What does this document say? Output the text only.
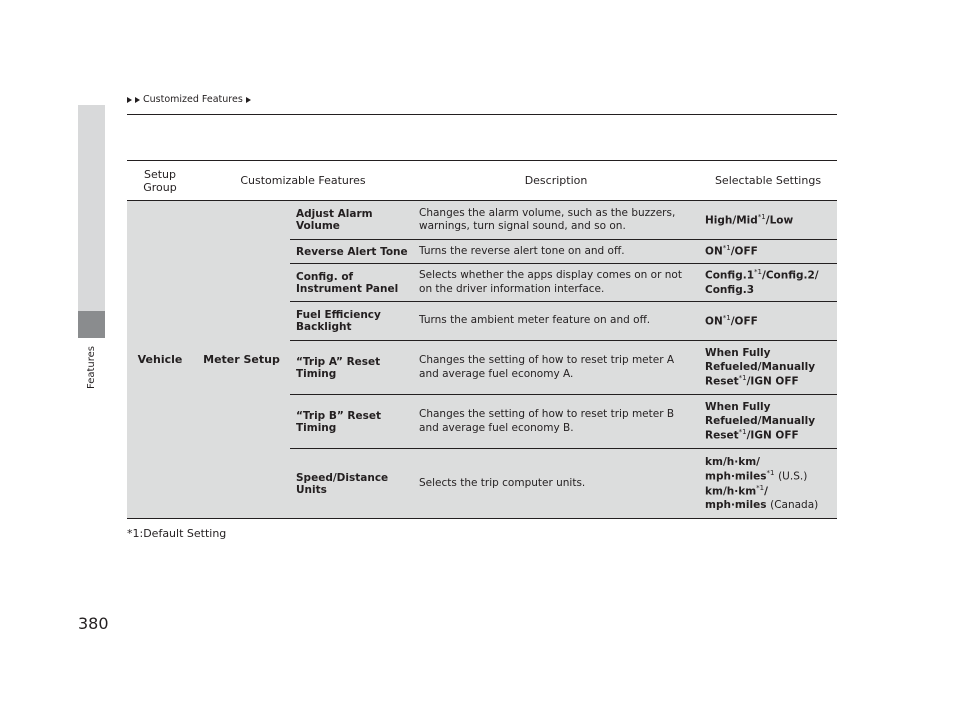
Customized Features
Features
Setup Group	Customizable Features		Description	Selectable Settings
Vehicle	Meter Setup	Adjust Alarm Volume	Changes the alarm volume, such as the buzzers, warnings, turn signal sound, and so on.	High/Mid$^{*1}$/Low
		Reverse Alert Tone	Turns the reverse alert tone on and off.	ON$^{*1}$/OFF
		Config. of Instrument Panel	Selects whether the apps display comes on or not on the driver information interface.	Config.1$^{*1}$/Config.2/
Config.3
		Fuel Efficiency Backlight	Turns the ambient meter feature on and off.	ON$^{*1}$/OFF
		“Trip A” Reset Timing	Changes the setting of how to reset trip meter A and average fuel economy A.	When Fully
Refueled/Manually
Reset$^{*1}$/IGN OFF
		“Trip B” Reset Timing	Changes the setting of how to reset trip meter B and average fuel economy B.	When Fully
Refueled/Manually
Reset$^{*1}$/IGN OFF
		Speed/Distance Units	Selects the trip computer units.	km/h·km/
mph·miles$^{*1}$ (U.S.)
$km/h\cdot km^{*1}/$
mph·miles (Canada)
*1:Default Setting
380
